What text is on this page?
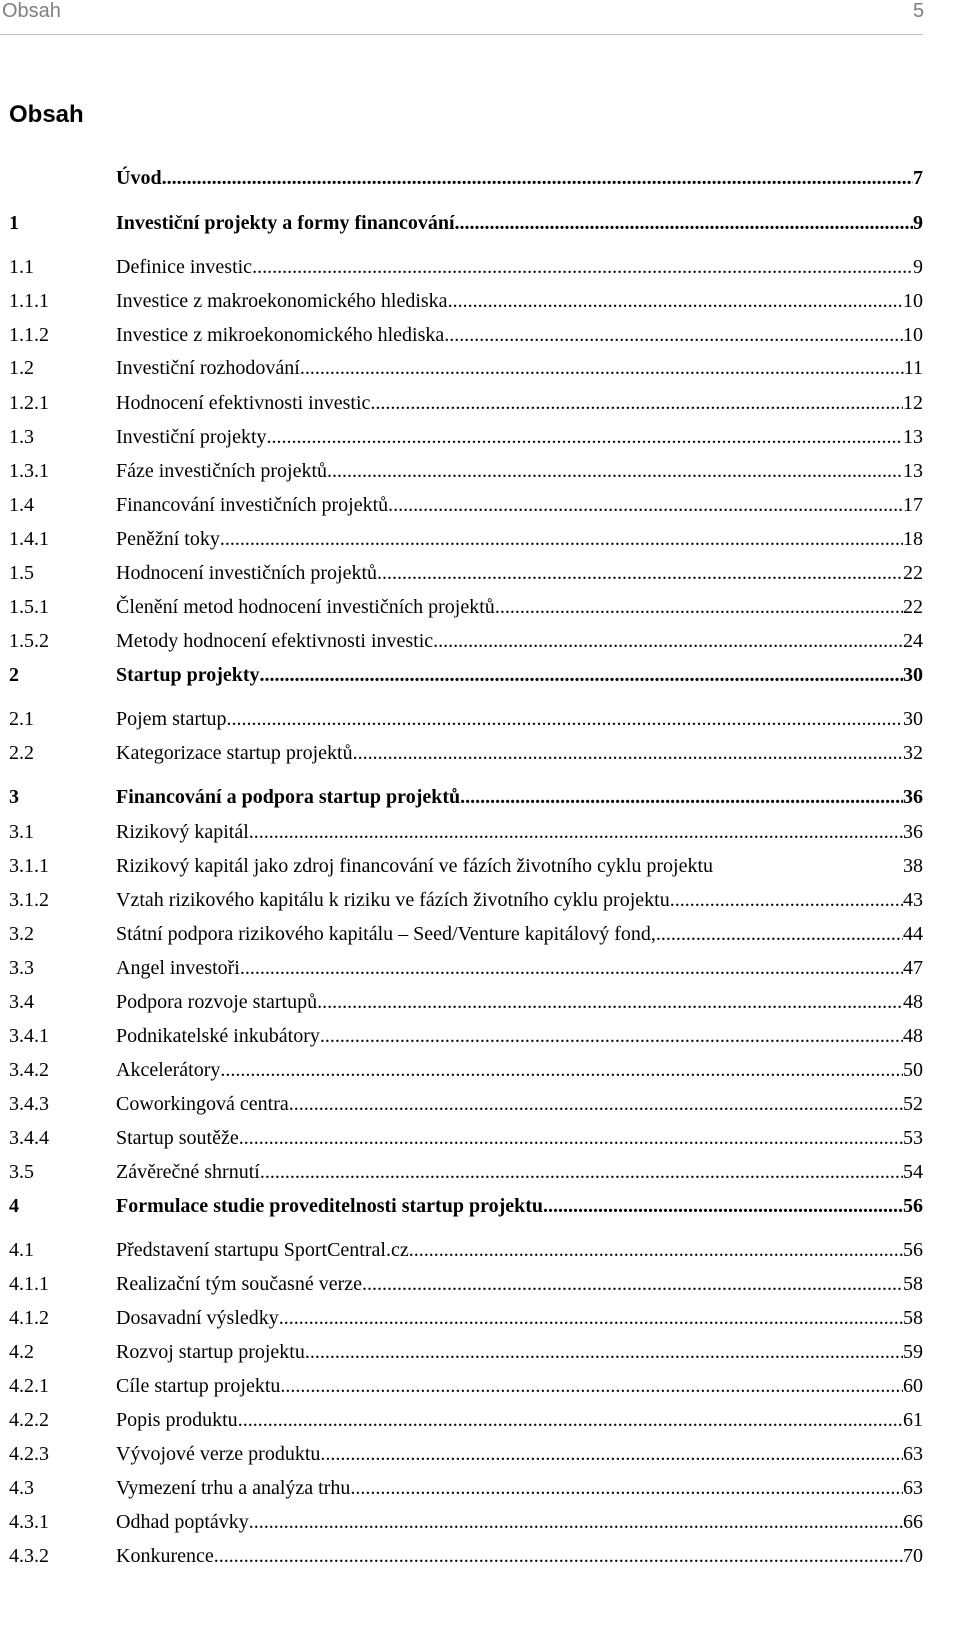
Obsah	5
Obsah
Úvod .....	7
1	Investiční projekty a formy financování .....	9
1.1	Definice investic .....	9
1.1.1	Investice z makroekonomického hlediska .....	10
1.1.2	Investice z mikroekonomického hlediska .....	10
1.2	Investiční rozhodování .....	11
1.2.1	Hodnocení efektivnosti investic .....	12
1.3	Investiční projekty .....	13
1.3.1	Fáze investičních projektů .....	13
1.4	Financování investičních projektů .....	17
1.4.1	Peněžní toky .....	18
1.5	Hodnocení investičních projektů .....	22
1.5.1	Členění metod hodnocení investičních projektů .....	22
1.5.2	Metody hodnocení efektivnosti investic .....	24
2	Startup projekty .....	30
2.1	Pojem startup .....	30
2.2	Kategorizace startup projektů .....	32
3	Financování a podpora startup projektů .....	36
3.1	Rizikový kapitál .....	36
3.1.1	Rizikový kapitál jako zdroj financování ve fázích životního cyklu projektu	38
3.1.2	Vztah rizikového kapitálu k riziku ve fázích životního cyklu projektu .....	43
3.2	Státní podpora rizikového kapitálu – Seed/Venture kapitálový fond, .....	44
3.3	Angel investoři .....	47
3.4	Podpora rozvoje startupů .....	48
3.4.1	Podnikatelské inkubátory .....	48
3.4.2	Akcelerátory .....	50
3.4.3	Coworkingová centra .....	52
3.4.4	Startup soutěže .....	53
3.5	Závěrečné shrnutí .....	54
4	Formulace studie proveditelnosti startup projektu .....	56
4.1	Představení startupu SportCentral.cz .....	56
4.1.1	Realizační tým současné verze .....	58
4.1.2	Dosavadní výsledky .....	58
4.2	Rozvoj startup projektu .....	59
4.2.1	Cíle startup projektu .....	60
4.2.2	Popis produktu .....	61
4.2.3	Vývojové verze produktu .....	63
4.3	Vymezení trhu a analýza trhu .....	63
4.3.1	Odhad poptávky .....	66
4.3.2	Konkurence .....	70
